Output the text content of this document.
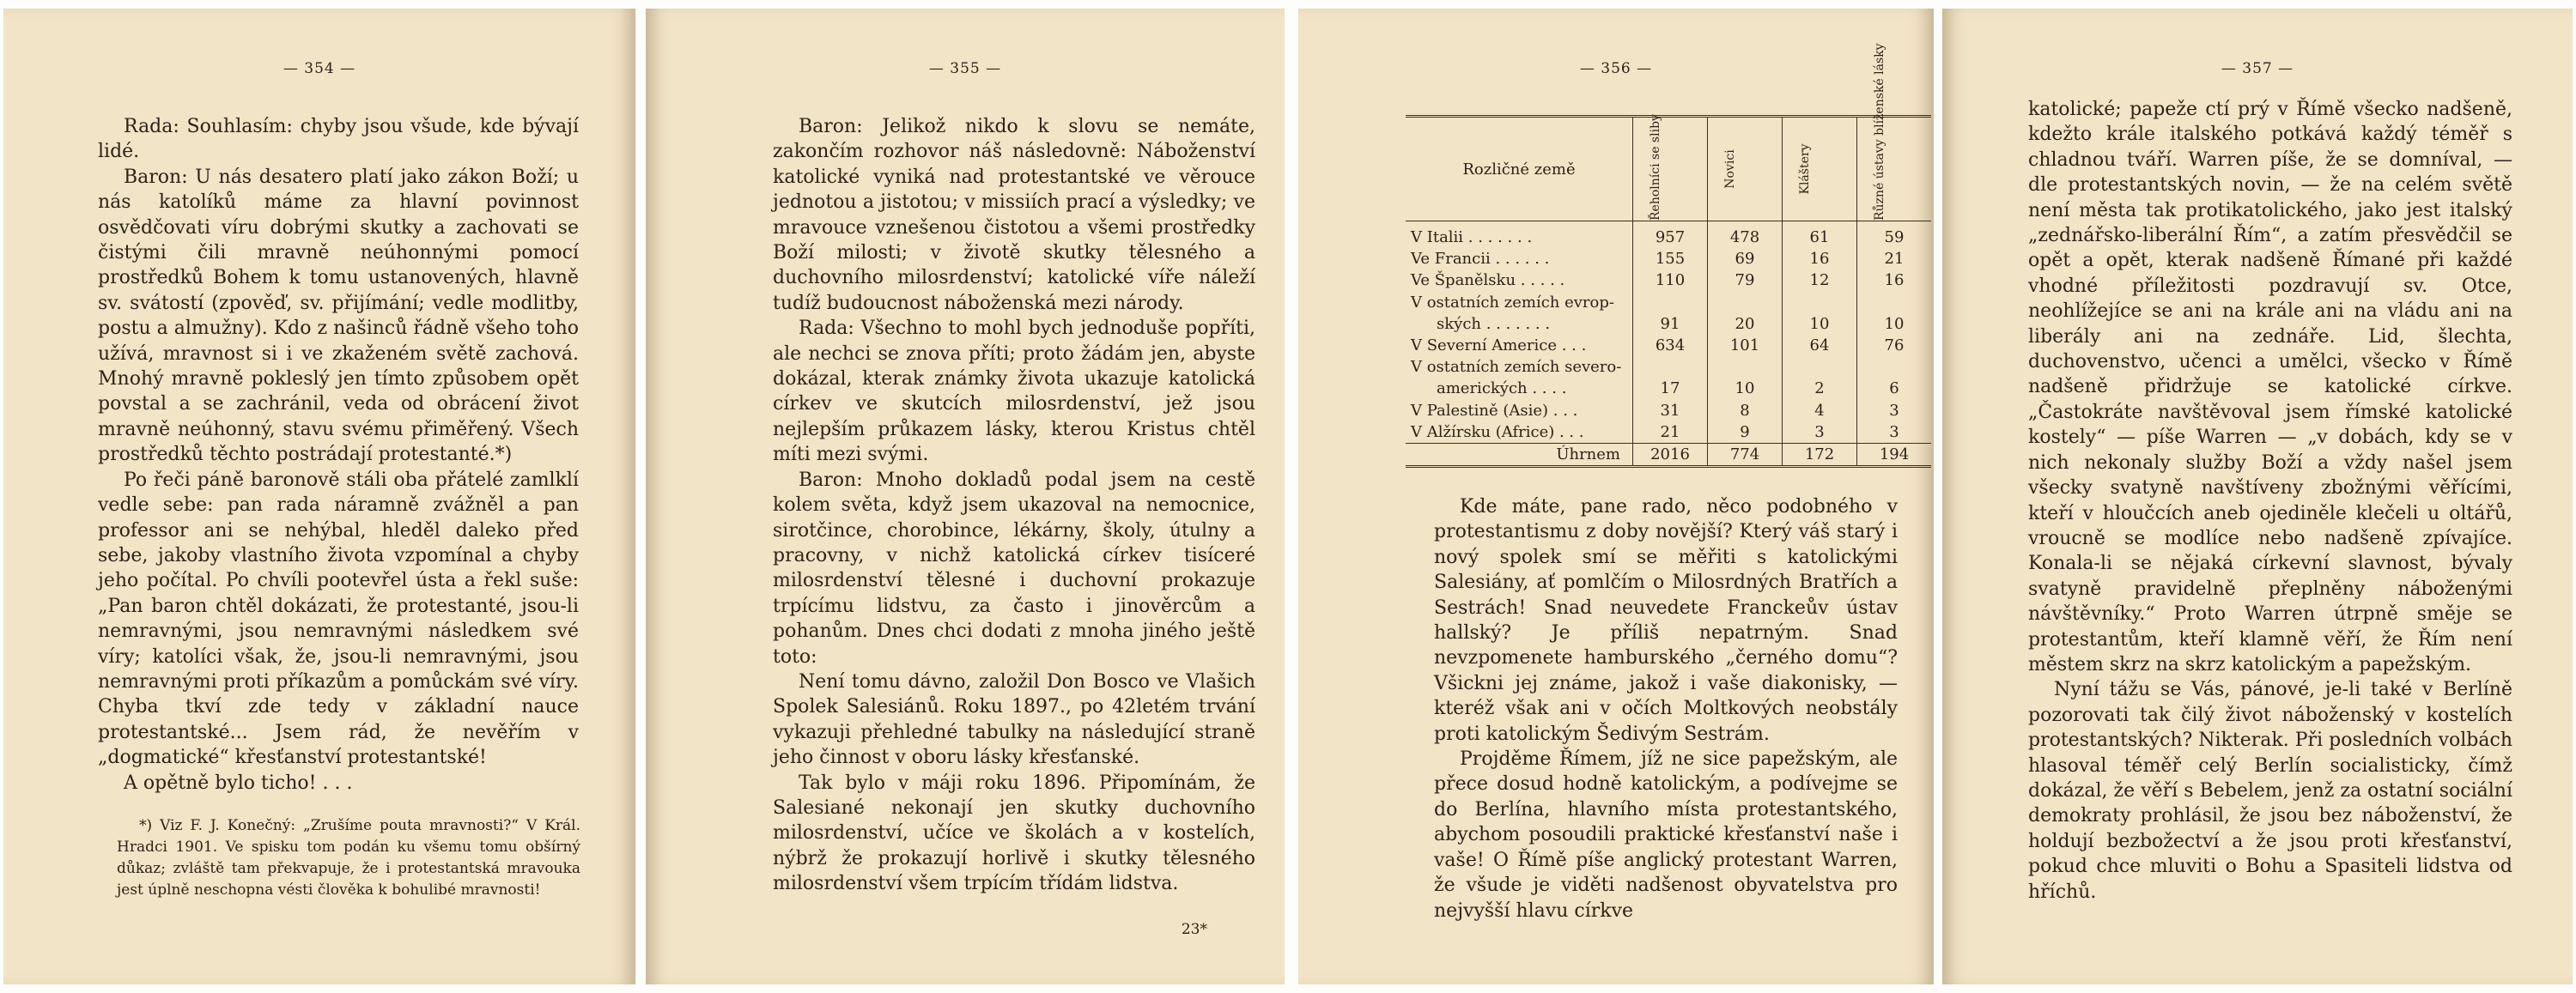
— 354 —

Rada: Souhlasím: chyby jsou všude, kde bývají lidé.

Baron: U nás desatero platí jako zákon Boží; u nás katolíků máme za hlavní povinnost osvědčovati víru dobrými skutky a zachovati se čistými čili mravně neúhonnými pomocí prostředků Bohem k tomu ustanovených, hlavně sv. svátostí (zpověď, sv. přijímání; vedle modlitby, postu a almužny). Kdo z našinců řádně všeho toho užívá, mravnost si i ve zkaženém světě zachová. Mnohý mravně pokleslý jen tímto způsobem opět povstal a se zachránil, veda od obrácení život mravně neúhonný, stavu svému přiměřený. Všech prostředků těchto postrádají protestanté.*)

Po řeči páně baronově stáli oba přátelé zamlklí vedle sebe: pan rada náramně zvážněl a pan professor ani se nehýbal, hleděl daleko před sebe, jakoby vlastního života vzpomínal a chyby jeho počítal. Po chvíli pootevřel ústa a řekl suše: „Pan baron chtěl dokázati, že protestanté, jsou-li nemravnými, jsou nemravnými následkem své víry; katolíci však, že, jsou-li nemravnými, jsou nemravnými proti příkazům a pomůckám své víry. Chyba tkví zde tedy v základní nauce protestantské... Jsem rád, že nevěřím v „dogmatické“ křesťanství protestantské!

A opětně bylo ticho! . . .

*) Viz F. J. Konečný: „Zrušíme pouta mravnosti?“ V Král. Hradci 1901. Ve spisku tom podán ku všemu tomu obšírný důkaz; zvláště tam překvapuje, že i protestantská mravouka jest úplně neschopna vésti člověka k bohulibé mravnosti!

— 355 —

Baron: Jelikož nikdo k slovu se nemáte, zakončím rozhovor náš následovně: Náboženství katolické vyniká nad protestantské ve věrouce jednotou a jistotou; v missiích prací a výsledky; ve mravouce vznešenou čistotou a všemi prostředky Boží milosti; v životě skutky tělesného a duchovního milosrdenství; katolické víře náleží tudíž budoucnost náboženská mezi národy.

Rada: Všechno to mohl bych jednoduše popříti, ale nechci se znova příti; proto žádám jen, abyste dokázal, kterak známky života ukazuje katolická církev ve skutcích milosrdenství, jež jsou nejlepším průkazem lásky, kterou Kristus chtěl míti mezi svými.

Baron: Mnoho dokladů podal jsem na cestě kolem světa, když jsem ukazoval na nemocnice, sirotčince, chorobince, lékárny, školy, útulny a pracovny, v nichž katolická církev tisíceré milosrdenství tělesné i duchovní prokazuje trpícímu lidstvu, za často i jinověrcům a pohanům. Dnes chci dodati z mnoha jiného ještě toto:

Není tomu dávno, založil Don Bosco ve Vlašich Spolek Salesiánů. Roku 1897., po 42letém trvání vykazuji přehledné tabulky na následující straně jeho činnost v oboru lásky křesťanské.

Tak bylo v máji roku 1896. Připomínám, že Salesiané nekonají jen skutky duchovního milosrdenství, učíce ve školách a v kostelích, nýbrž že prokazují horlivě i skutky tělesného milosrdenství všem trpícím třídám lidstva.

23*
— 356 —
Rozličné země	Řeholníci se sliby	Novici	Kláštery	Různé ústavy blíženské lásky

V Italii . . . . . . .	957	478	61	59
Ve Francii . . . . . .	155	69	16	21
Ve Španělsku . . . . .	110	79	12	16
V ostatních zemích evrop-				
ských . . . . . . .	91	20	10	10
V Severní Americe . . .	634	101	64	76
V ostatních zemích severo-				
amerických . . . .	17	10	2	6
V Palestině (Asie) . . .	31	8	4	3
V Alžírsku (Africe) . . .	21	9	3	3
Úhrnem	2016	774	172	194

Kde máte, pane rado, něco podobného v protestantismu z doby novější? Který váš starý i nový spolek smí se měřiti s katolickými Salesiány, ať pomlčím o Milosrdných Bratřích a Sestrách! Snad neuvedete Franckeův ústav hallský? Je příliš nepatrným. Snad nevzpomenete hamburského „černého domu“? Všickni jej známe, jakož i vaše diakonisky, — kteréž však ani v očích Moltkových neobstály proti katolickým Šedivým Sestrám.

Projděme Římem, jíž ne sice papežským, ale přece dosud hodně katolickým, a podívejme se do Berlína, hlavního místa protestantského, abychom posoudili praktické křesťanství naše i vaše! O Římě píše anglický protestant Warren, že všude je viděti nadšenost obyvatelstva pro nejvyšší hlavu církve

— 357 —

katolické; papeže ctí prý v Římě všecko nadšeně, kdežto krále italského potkává každý téměř s chladnou tváří. Warren píše, že se domníval, — dle protestantských novin, — že na celém světě není města tak protikatolického, jako jest italský „zednářsko-liberální Řím“, a zatím přesvědčil se opět a opět, kterak nadšeně Římané při každé vhodné příležitosti pozdravují sv. Otce, neohlížejíce se ani na krále ani na vládu ani na liberály ani na zednáře. Lid, šlechta, duchovenstvo, učenci a umělci, všecko v Římě nadšeně přidržuje se katolické církve. „Častokráte navštěvoval jsem římské katolické kostely“ — píše Warren — „v dobách, kdy se v nich nekonaly služby Boží a vždy našel jsem všecky svatyně navštíveny zbožnými věřícími, kteří v hloučcích aneb ojediněle klečeli u oltářů, vroucně se modlíce nebo nadšeně zpívajíce. Konala-li se nějaká církevní slavnost, bývaly svatyně pravidelně přeplněny náboženými návštěvníky.“ Proto Warren útrpně směje se protestantům, kteří klamně věří, že Řím není městem skrz na skrz katolickým a papežským.

Nyní tážu se Vás, pánové, je-li také v Berlíně pozorovati tak čilý život náboženský v kostelích protestantských? Nikterak. Při posledních volbách hlasoval téměř celý Berlín socialisticky, čímž dokázal, že věří s Bebelem, jenž za ostatní sociální demokraty prohlásil, že jsou bez náboženství, že holdují bezbožectví a že jsou proti křesťanství, pokud chce mluviti o Bohu a Spasiteli lidstva od hříchů.
